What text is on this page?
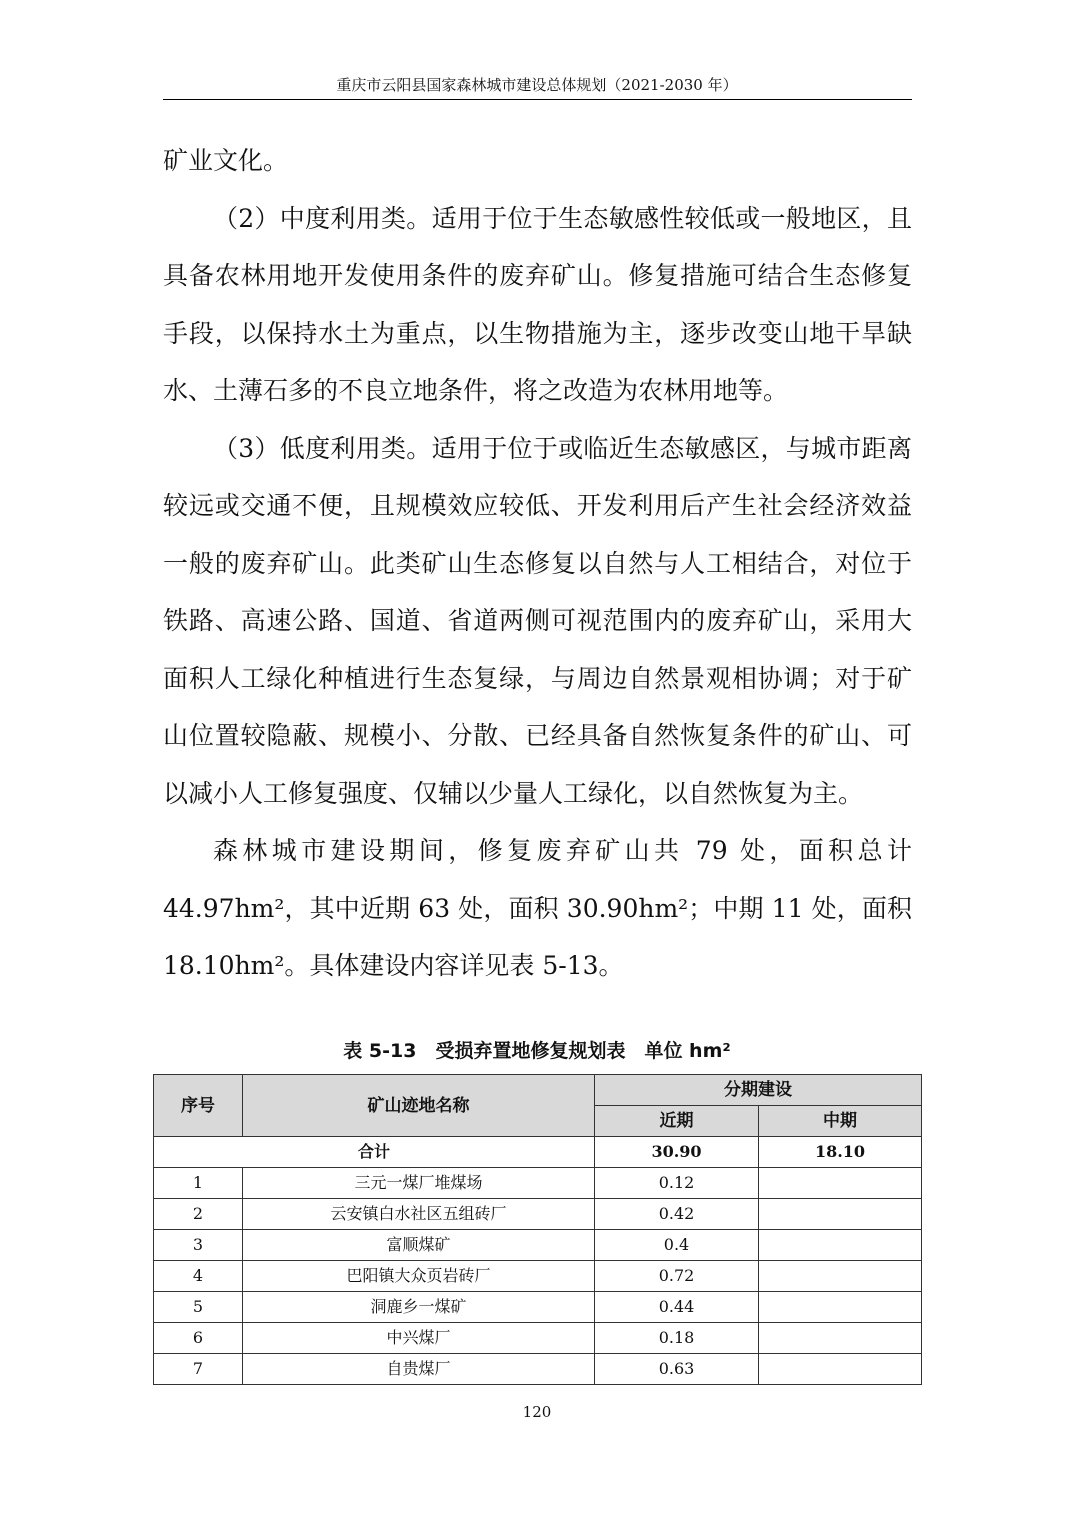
重庆市云阳县国家森林城市建设总体规划（2021-2030 年）

矿业文化。

（2）中度利用类。适用于位于生态敏感性较低或一般地区，且具备农林用地开发使用条件的废弃矿山。修复措施可结合生态修复手段，以保持水土为重点，以生物措施为主，逐步改变山地干旱缺水、土薄石多的不良立地条件，将之改造为农林用地等。

（3）低度利用类。适用于位于或临近生态敏感区，与城市距离较远或交通不便，且规模效应较低、开发利用后产生社会经济效益一般的废弃矿山。此类矿山生态修复以自然与人工相结合，对位于铁路、高速公路、国道、省道两侧可视范围内的废弃矿山，采用大面积人工绿化种植进行生态复绿，与周边自然景观相协调；对于矿山位置较隐蔽、规模小、分散、已经具备自然恢复条件的矿山、可以减小人工修复强度、仅辅以少量人工绿化，以自然恢复为主。

森林城市建设期间，修复废弃矿山共 79 处，面积总计 44.97hm²，其中近期 63 处，面积 30.90hm²；中期 11 处，面积 18.10hm²。具体建设内容详见表 5-13。

表 5-13　受损弃置地修复规划表　单位 hm²
序号	矿山迹地名称	分期建设	
		近期	中期
合计		30.90	18.10
1	三元一煤厂堆煤场	0.12	
2	云安镇白水社区五组砖厂	0.42	
3	富顺煤矿	0.4	
4	巴阳镇大众页岩砖厂	0.72	
5	洞鹿乡一煤矿	0.44	
6	中兴煤厂	0.18	
7	自贵煤厂	0.63	
120
